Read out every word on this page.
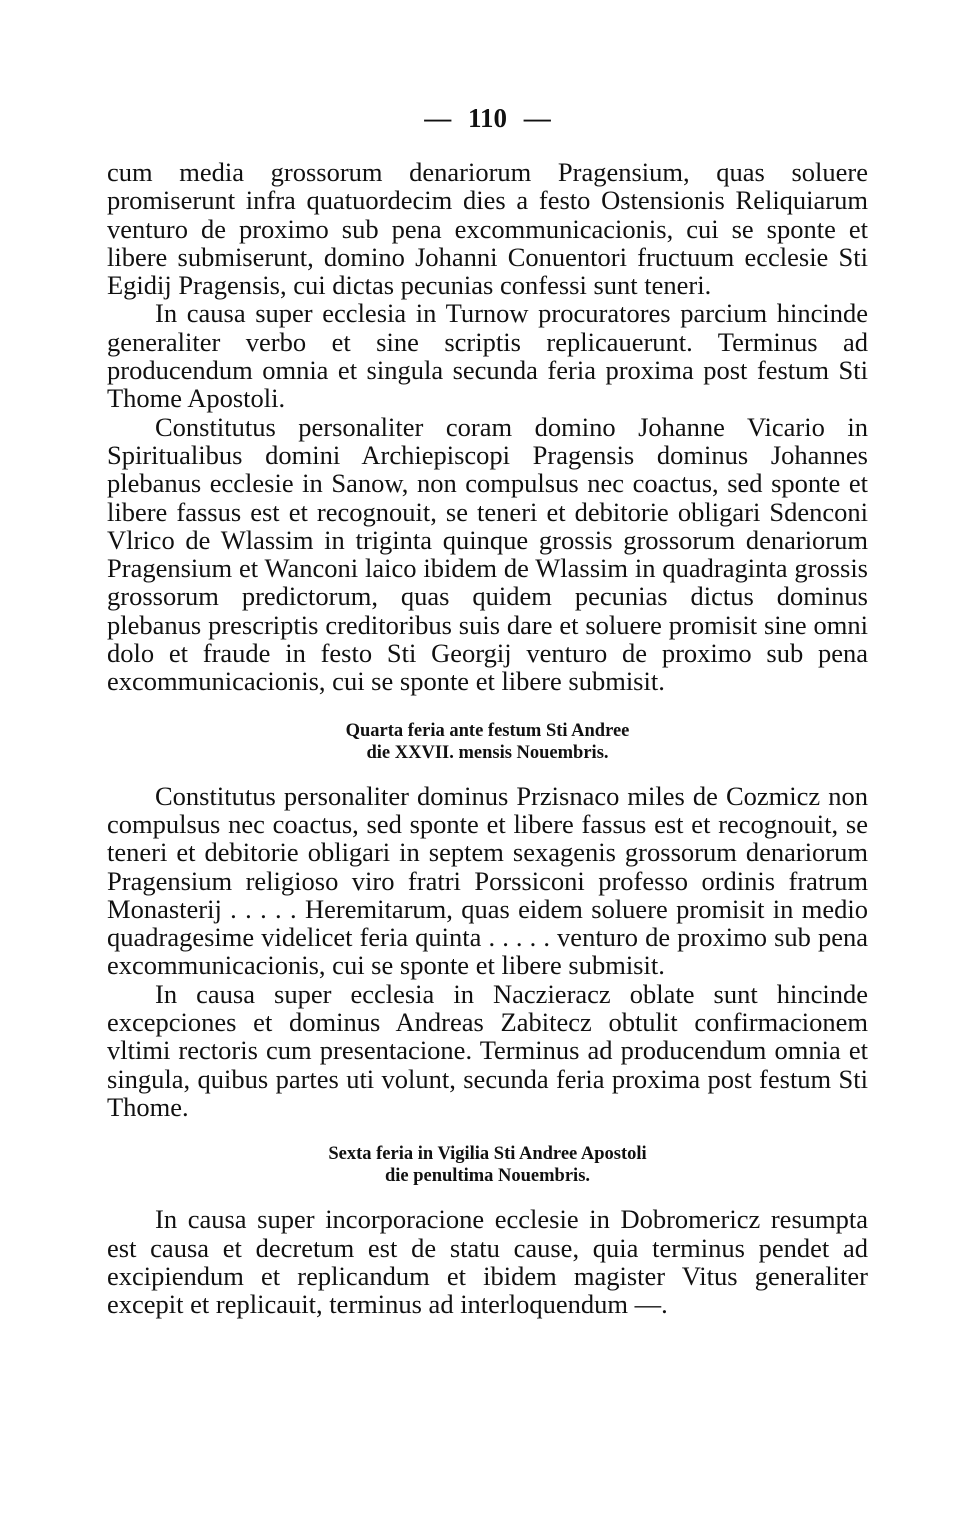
— 110 —

cum media grossorum denariorum Pragensium, quas soluere promiserunt infra quatuordecim dies a festo Ostensionis Reliquiarum venturo de proximo sub pena excommunicacionis, cui se sponte et libere submiserunt, domino Johanni Conuentori fructuum ecclesie Sti Egidij Pragensis, cui dictas pecunias confessi sunt teneri.

In causa super ecclesia in Turnow procuratores parcium hincinde generaliter verbo et sine scriptis replicauerunt. Terminus ad producendum omnia et singula secunda feria proxima post festum Sti Thome Apostoli.

Constitutus personaliter coram domino Johanne Vicario in Spiritualibus domini Archiepiscopi Pragensis dominus Johannes plebanus ecclesie in Sanow, non compulsus nec coactus, sed sponte et libere fassus est et recognouit, se teneri et debitorie obligari Sdenconi Vlrico de Wlassim in triginta quinque grossis grossorum denariorum Pragensium et Wanconi laico ibidem de Wlassim in quadraginta grossis grossorum predictorum, quas quidem pecunias dictus dominus plebanus prescriptis creditoribus suis dare et soluere promisit sine omni dolo et fraude in festo Sti Georgij venturo de proximo sub pena excommunicacionis, cui se sponte et libere submisit.

Quarta feria ante festum Sti Andree
die XXVII. mensis Nouembris.

Constitutus personaliter dominus Przisnaco miles de Cozmicz non compulsus nec coactus, sed sponte et libere fassus est et recognouit, se teneri et debitorie obligari in septem sexagenis grossorum denariorum Pragensium religioso viro fratri Porssiconi professo ordinis fratrum Monasterij . . . . . Heremitarum, quas eidem soluere promisit in medio quadragesime videlicet feria quinta . . . . . venturo de proximo sub pena excommunicacionis, cui se sponte et libere submisit.

In causa super ecclesia in Naczieracz oblate sunt hincinde excepciones et dominus Andreas Zabitecz obtulit confirmacionem vltimi rectoris cum presentacione. Terminus ad producendum omnia et singula, quibus partes uti volunt, secunda feria proxima post festum Sti Thome.

Sexta feria in Vigilia Sti Andree Apostoli
die penultima Nouembris.

In causa super incorporacione ecclesie in Dobromericz resumpta est causa et decretum est de statu cause, quia terminus pendet ad excipiendum et replicandum et ibidem magister Vitus generaliter excepit et replicauit, terminus ad interloquendum —.
